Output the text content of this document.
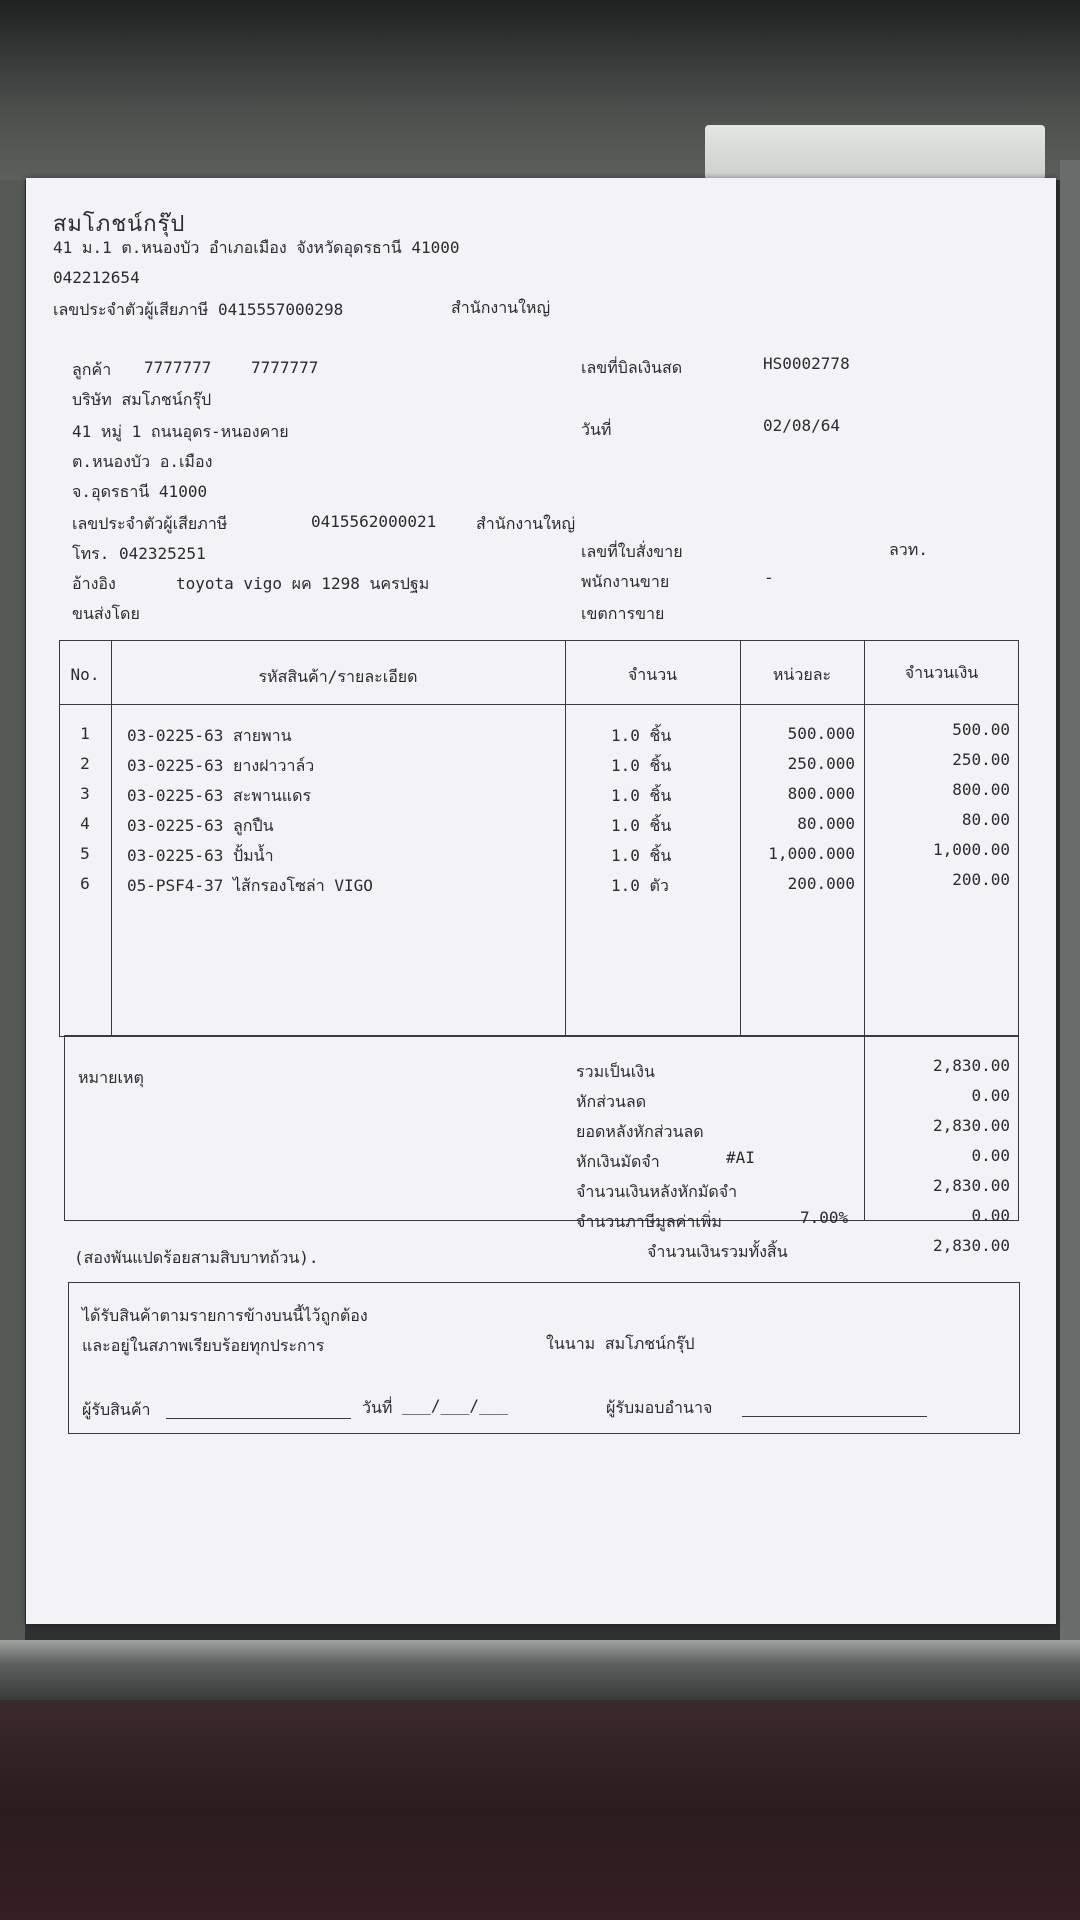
สมโภชน์กรุ๊ป
41 ม.1 ต.หนองบัว อำเภอเมือง จังหวัดอุดรธานี 41000
042212654
เลขประจำตัวผู้เสียภาษี 0415557000298	สำนักงานใหญ่
ลูกค้า 7777777 7777777
บริษัท สมโภชน์กรุ๊ป
41 หมู่ 1 ถนนอุดร-หนองคาย
ต.หนองบัว อ.เมือง
จ.อุดรธานี 41000
เลขประจำตัวผู้เสียภาษี	0415562000021 สำนักงานใหญ่
โทร. 042325251
อ้างอิง	toyota vigo ผค 1298 นครปฐม
ขนส่งโดย
เลขที่บิลเงินสด	HS0002778
วันที่	02/08/64
เลขที่ใบสั่งขาย	ลวท.
พนักงานขาย	-
เขตการขาย
No.	รหัสสินค้า/รายละเอียด	จำนวน	หน่วยละ	จำนวนเงิน
1	03-0225-63 สายพาน	1.0 ชิ้น	500.000	500.00
2	03-0225-63 ยางฝาวาล์ว	1.0 ชิ้น	250.000	250.00
3	03-0225-63 สะพานแดร	1.0 ชิ้น	800.000	800.00
4	03-0225-63 ลูกปืน	1.0 ชิ้น	80.000	80.00
5	03-0225-63 ปั้มน้ำ	1.0 ชิ้น	1,000.000	1,000.00
6	05-PSF4-37 ไส้กรองโซล่า VIGO	1.0 ตัว	200.000	200.00
หมายเหตุ	รวมเป็นเงิน	2,830.00
หักส่วนลด	0.00
ยอดหลังหักส่วนลด	2,830.00
หักเงินมัดจำ	#AI	0.00
จำนวนเงินหลังหักมัดจำ	2,830.00
จำนวนภาษีมูลค่าเพิ่ม	7.00%	0.00
จำนวนเงินรวมทั้งสิ้น	2,830.00
(สองพันแปดร้อยสามสิบบาทถ้วน).
ได้รับสินค้าตามรายการข้างบนนี้ไว้ถูกต้อง
และอยู่ในสภาพเรียบร้อยทุกประการ	ในนาม สมโภชน์กรุ๊ป
ผู้รับสินค้า	วันที่ ___/___/___	ผู้รับมอบอำนาจ
